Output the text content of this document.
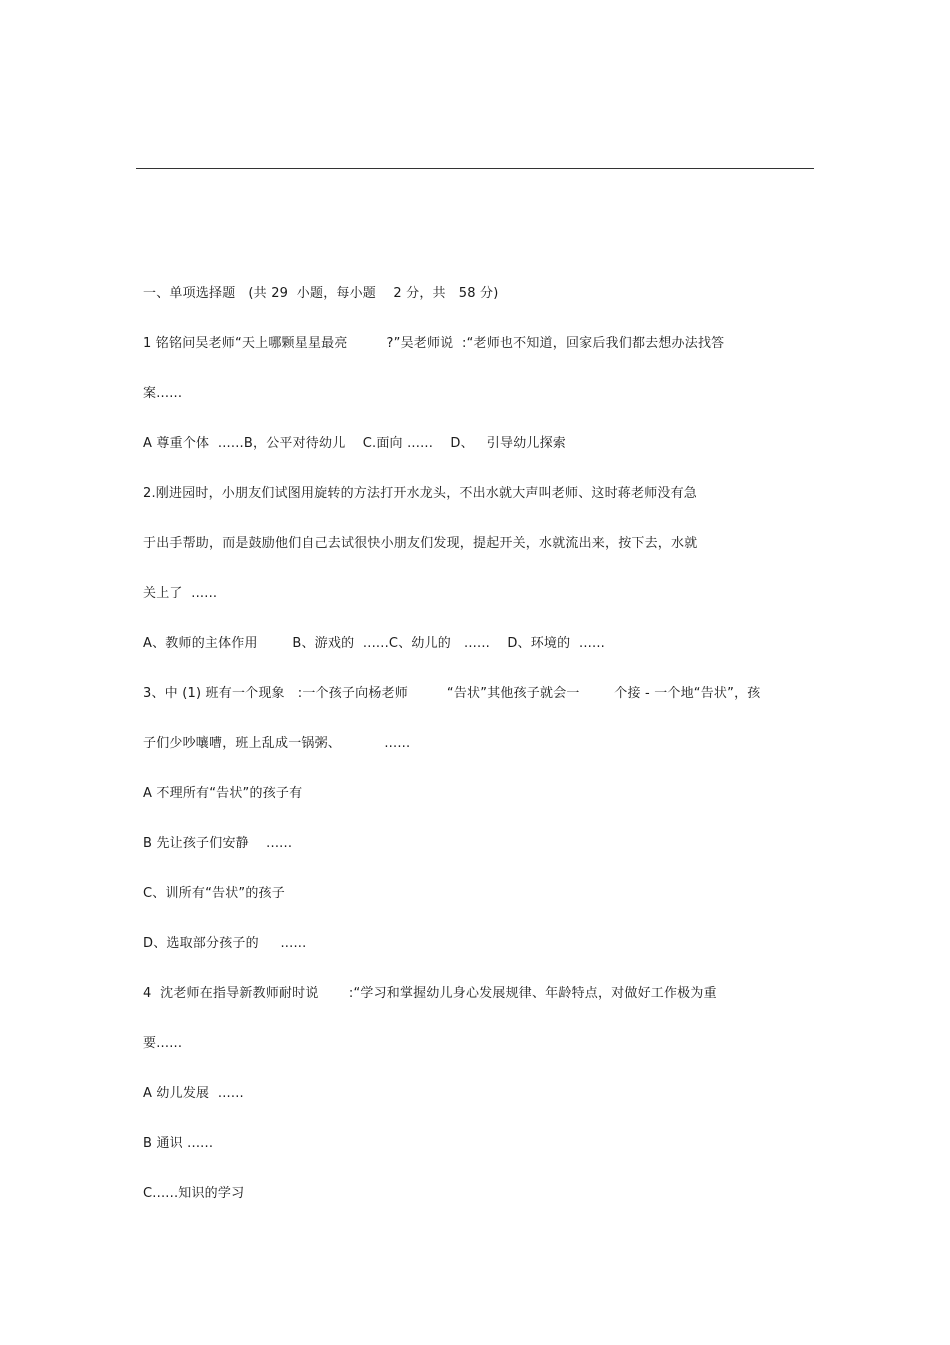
一、单项选择题   (共 29  小题，每小题    2 分，共   58 分)
1 铭铭问吴老师“天上哪颗星星最亮         ?”吴老师说  :“老师也不知道，回家后我们都去想办法找答
案......
A 尊重个体  ......B，公平对待幼儿    C.面向 ......    D、   引导幼儿探索
2.刚进园时，小朋友们试图用旋转的方法打开水龙头，不出水就大声叫老师、这时蒋老师没有急
于出手帮助，而是鼓励他们自己去试很快小朋友们发现，提起开关，水就流出来，按下去，水就
关上了  ......
A、教师的主体作用        B、游戏的  ......C、幼儿的   ......    D、环境的  ......
3、中 (1) 班有一个现象   :一个孩子向杨老师         “告状”其他孩子就会一        个接 - 一个地“告状”，孩
子们少吵嚷嘈，班上乱成一锅粥、          ......
A 不理所有“告状”的孩子有
B 先让孩子们安静    ......
C、训所有“告状”的孩子
D、选取部分孩子的     ......
4  沈老师在指导新教师耐时说       :“学习和掌握幼儿身心发展规律、年龄特点，对做好工作极为重
要......
A 幼儿发展  ......
B 通识 ......
C......知识的学习
